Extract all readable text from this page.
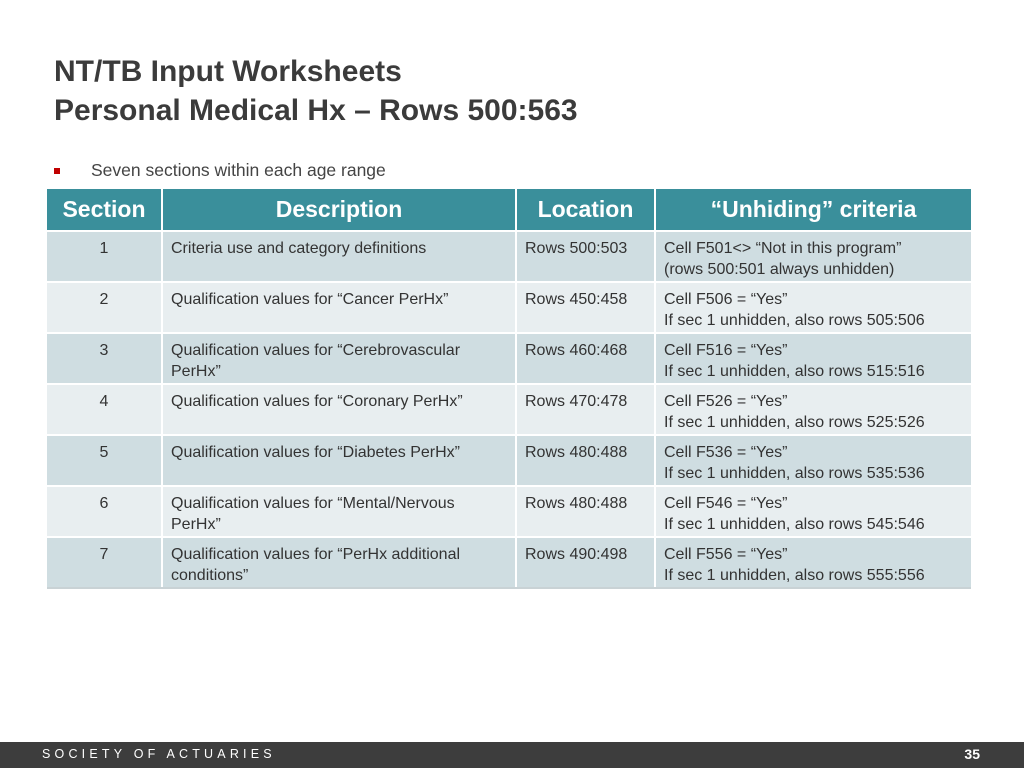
NT/TB Input Worksheets
Personal Medical Hx – Rows 500:563
Seven sections within each age range
Section	Description	Location	“Unhiding” criteria
1	Criteria use and category definitions	Rows 500:503	Cell F501<> “Not in this program”
(rows 500:501 always unhidden)

2	Qualification values for “Cancer PerHx”	Rows 450:458	Cell F506 = “Yes”
If sec 1 unhidden, also rows 505:506

3	Qualification values for “Cerebrovascular PerHx”	Rows 460:468	Cell F516 = “Yes”
If sec 1 unhidden, also rows 515:516

4	Qualification values for “Coronary PerHx”	Rows 470:478	Cell F526 = “Yes”
If sec 1 unhidden, also rows 525:526

5	Qualification values for “Diabetes PerHx”	Rows 480:488	Cell F536 = “Yes”
If sec 1 unhidden, also rows 535:536

6	Qualification values for “Mental/Nervous PerHx”	Rows 480:488	Cell F546 = “Yes”
If sec 1 unhidden, also rows 545:546

7	Qualification values for “PerHx additional conditions”	Rows 490:498	Cell F556 = “Yes”
If sec 1 unhidden, also rows 555:556
SOCIETY OF ACTUARIES	35
